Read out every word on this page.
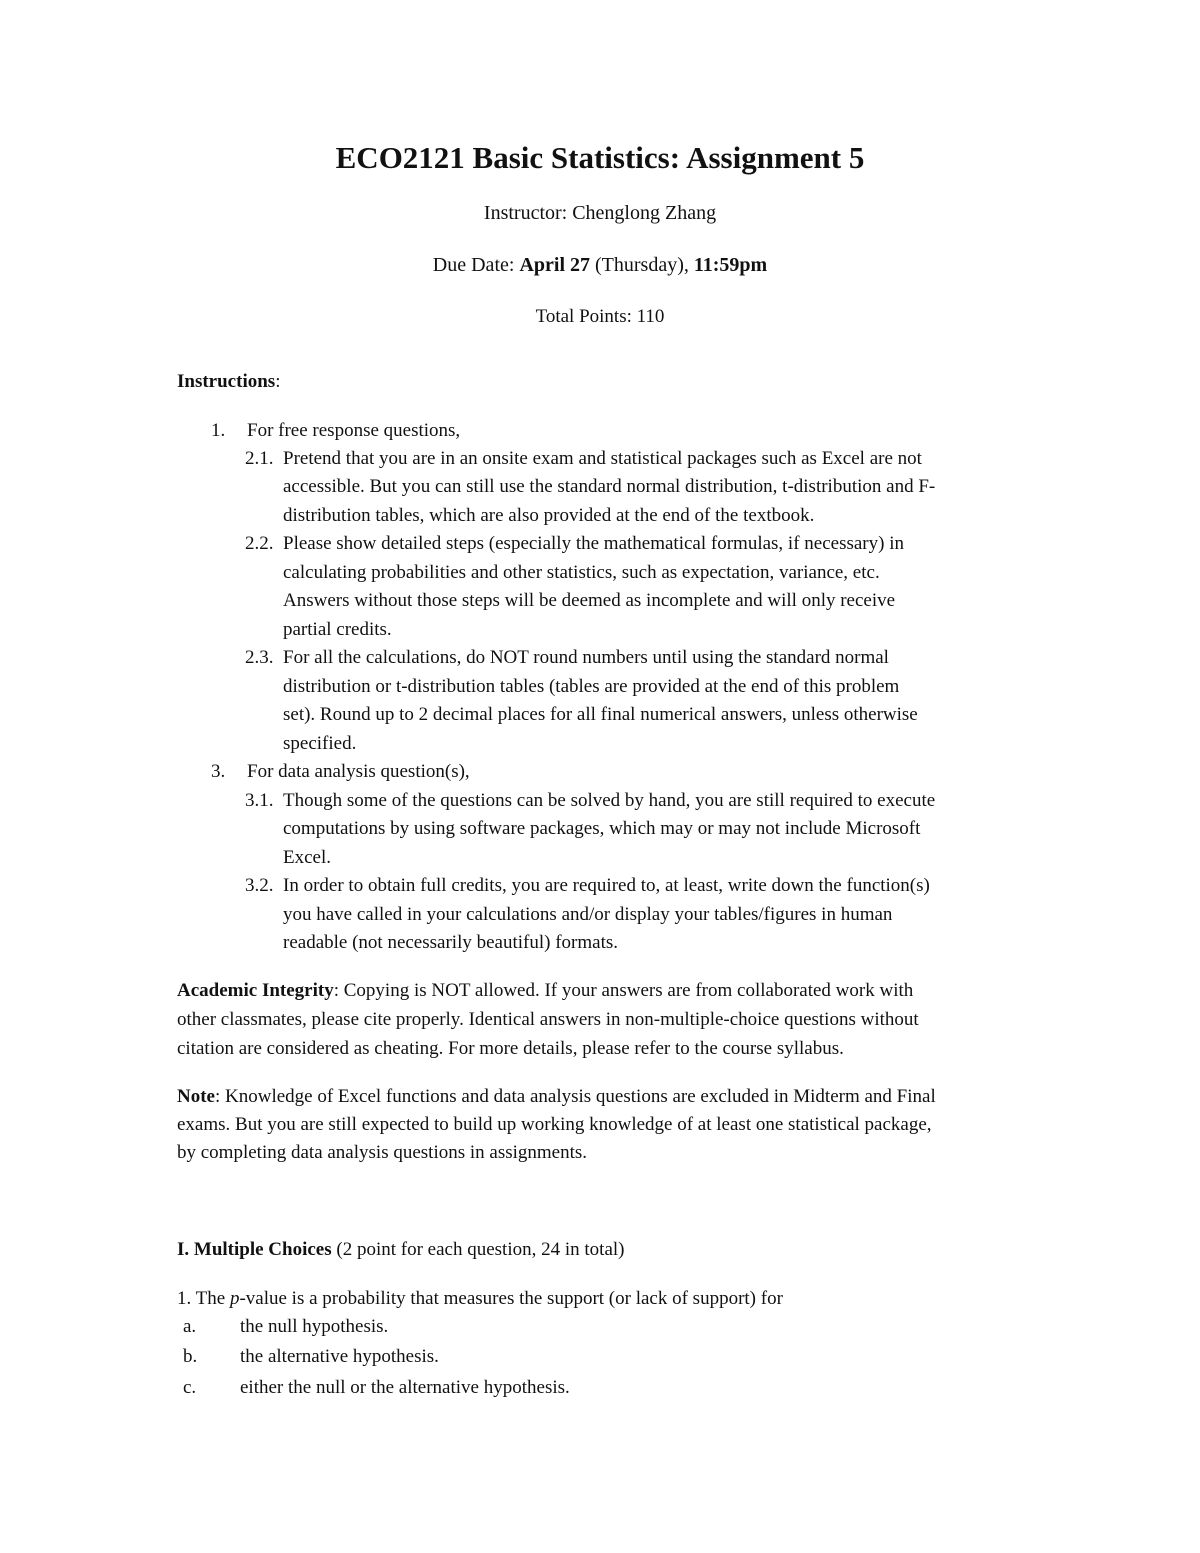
ECO2121 Basic Statistics: Assignment 5
Instructor: Chenglong Zhang
Due Date: April 27 (Thursday), 11:59pm
Total Points: 110
Instructions:
1. For free response questions,
2.1. Pretend that you are in an onsite exam and statistical packages such as Excel are not
accessible. But you can still use the standard normal distribution, t-distribution and F-
distribution tables, which are also provided at the end of the textbook.
2.2. Please show detailed steps (especially the mathematical formulas, if necessary) in
calculating probabilities and other statistics, such as expectation, variance, etc.
Answers without those steps will be deemed as incomplete and will only receive
partial credits.
2.3. For all the calculations, do NOT round numbers until using the standard normal
distribution or t-distribution tables (tables are provided at the end of this problem
set). Round up to 2 decimal places for all final numerical answers, unless otherwise
specified.
3. For data analysis question(s),
3.1. Though some of the questions can be solved by hand, you are still required to execute
computations by using software packages, which may or may not include Microsoft
Excel.
3.2. In order to obtain full credits, you are required to, at least, write down the function(s)
you have called in your calculations and/or display your tables/figures in human
readable (not necessarily beautiful) formats.
Academic Integrity: Copying is NOT allowed. If your answers are from collaborated work with
other classmates, please cite properly. Identical answers in non-multiple-choice questions without
citation are considered as cheating. For more details, please refer to the course syllabus.
Note: Knowledge of Excel functions and data analysis questions are excluded in Midterm and Final
exams. But you are still expected to build up working knowledge of at least one statistical package,
by completing data analysis questions in assignments.
I. Multiple Choices (2 point for each question, 24 in total)
1. The p-value is a probability that measures the support (or lack of support) for
a. the null hypothesis.
b. the alternative hypothesis.
c. either the null or the alternative hypothesis.
